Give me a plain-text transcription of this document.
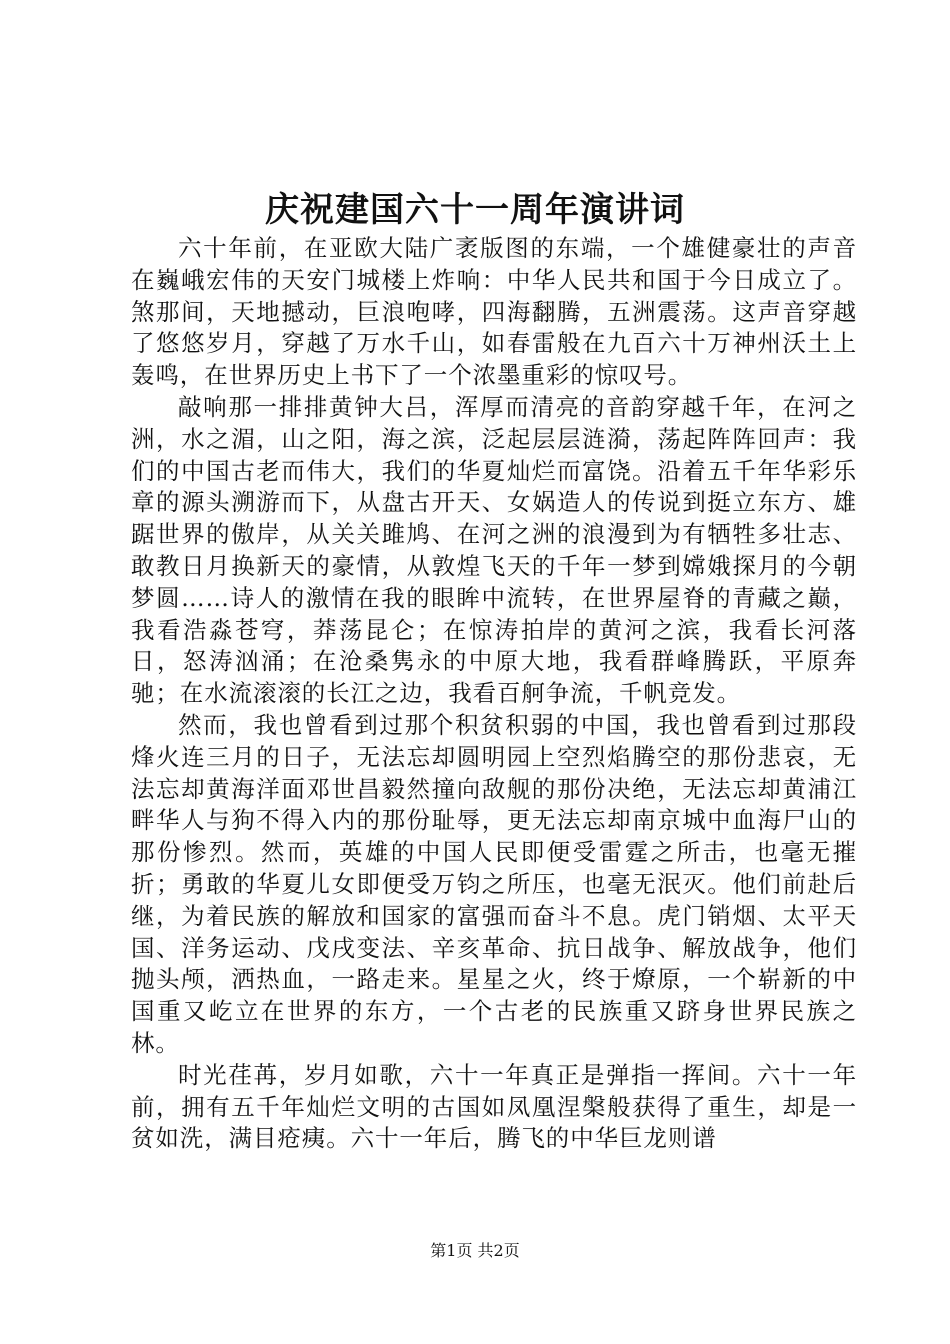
庆祝建国六十一周年演讲词

六十年前，在亚欧大陆广袤版图的东端，一个雄健豪壮的声音在巍峨宏伟的天安门城楼上炸响：中华人民共和国于今日成立了。煞那间，天地撼动，巨浪咆哮，四海翻腾，五洲震荡。这声音穿越了悠悠岁月，穿越了万水千山，如春雷般在九百六十万神州沃土上轰鸣，在世界历史上书下了一个浓墨重彩的惊叹号。

敲响那一排排黄钟大吕，浑厚而清亮的音韵穿越千年，在河之洲，水之湄，山之阳，海之滨，泛起层层涟漪，荡起阵阵回声：我们的中国古老而伟大，我们的华夏灿烂而富饶。沿着五千年华彩乐章的源头溯游而下，从盘古开天、女娲造人的传说到挺立东方、雄踞世界的傲岸，从关关雎鸠、在河之洲的浪漫到为有牺牲多壮志、敢教日月换新天的豪情，从敦煌飞天的千年一梦到嫦娥探月的今朝梦圆……诗人的激情在我的眼眸中流转，在世界屋脊的青藏之巅，我看浩淼苍穹，莽荡昆仑；在惊涛拍岸的黄河之滨，我看长河落日，怒涛汹涌；在沧桑隽永的中原大地，我看群峰腾跃，平原奔驰；在水流滚滚的长江之边，我看百舸争流，千帆竞发。

然而，我也曾看到过那个积贫积弱的中国，我也曾看到过那段烽火连三月的日子，无法忘却圆明园上空烈焰腾空的那份悲哀，无法忘却黄海洋面邓世昌毅然撞向敌舰的那份决绝，无法忘却黄浦江畔华人与狗不得入内的那份耻辱，更无法忘却南京城中血海尸山的那份惨烈。然而，英雄的中国人民即便受雷霆之所击，也毫无摧折；勇敢的华夏儿女即便受万钧之所压，也毫无泯灭。他们前赴后继，为着民族的解放和国家的富强而奋斗不息。虎门销烟、太平天国、洋务运动、戊戌变法、辛亥革命、抗日战争、解放战争，他们抛头颅，洒热血，一路走来。星星之火，终于燎原，一个崭新的中国重又屹立在世界的东方，一个古老的民族重又跻身世界民族之林。

时光荏苒，岁月如歌，六十一年真正是弹指一挥间。六十一年前，拥有五千年灿烂文明的古国如凤凰涅槃般获得了重生，却是一贫如洗，满目疮痍。六十一年后，腾飞的中华巨龙则谱

第1页 共2页
